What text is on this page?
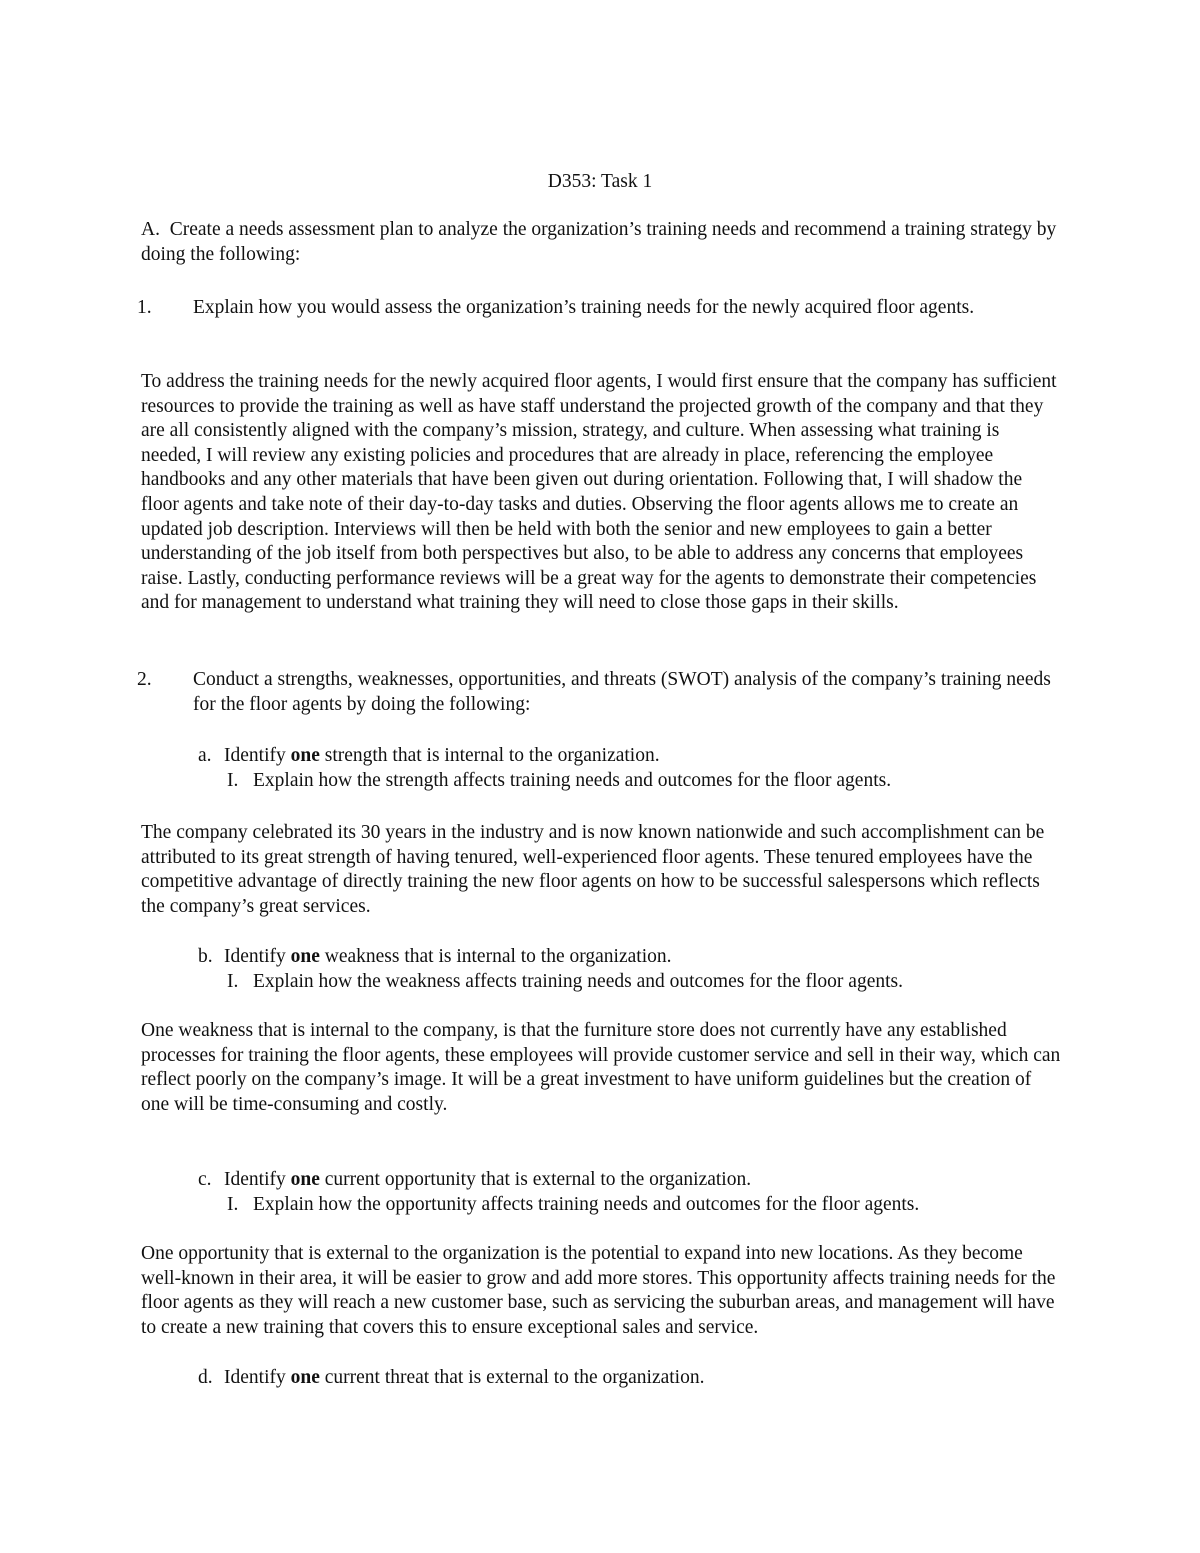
D353: Task 1

A. Create a needs assessment plan to analyze the organization’s training needs and recommend a training strategy by doing the following:

1. Explain how you would assess the organization’s training needs for the newly acquired floor agents.

To address the training needs for the newly acquired floor agents, I would first ensure that the company has sufficient resources to provide the training as well as have staff understand the projected growth of the company and that they are all consistently aligned with the company’s mission, strategy, and culture. When assessing what training is needed, I will review any existing policies and procedures that are already in place, referencing the employee handbooks and any other materials that have been given out during orientation. Following that, I will shadow the floor agents and take note of their day-to-day tasks and duties. Observing the floor agents allows me to create an updated job description. Interviews will then be held with both the senior and new employees to gain a better understanding of the job itself from both perspectives but also, to be able to address any concerns that employees raise. Lastly, conducting performance reviews will be a great way for the agents to demonstrate their competencies and for management to understand what training they will need to close those gaps in their skills.

2. Conduct a strengths, weaknesses, opportunities, and threats (SWOT) analysis of the company’s training needs for the floor agents by doing the following:

a. Identify one strength that is internal to the organization.

I. Explain how the strength affects training needs and outcomes for the floor agents.

The company celebrated its 30 years in the industry and is now known nationwide and such accomplishment can be attributed to its great strength of having tenured, well-experienced floor agents. These tenured employees have the competitive advantage of directly training the new floor agents on how to be successful salespersons which reflects the company’s great services.

b. Identify one weakness that is internal to the organization.

I. Explain how the weakness affects training needs and outcomes for the floor agents.

One weakness that is internal to the company, is that the furniture store does not currently have any established processes for training the floor agents, these employees will provide customer service and sell in their way, which can reflect poorly on the company’s image. It will be a great investment to have uniform guidelines but the creation of one will be time-consuming and costly.

c. Identify one current opportunity that is external to the organization.

I. Explain how the opportunity affects training needs and outcomes for the floor agents.

One opportunity that is external to the organization is the potential to expand into new locations. As they become well-known in their area, it will be easier to grow and add more stores. This opportunity affects training needs for the floor agents as they will reach a new customer base, such as servicing the suburban areas, and management will have to create a new training that covers this to ensure exceptional sales and service.

d. Identify one current threat that is external to the organization.
